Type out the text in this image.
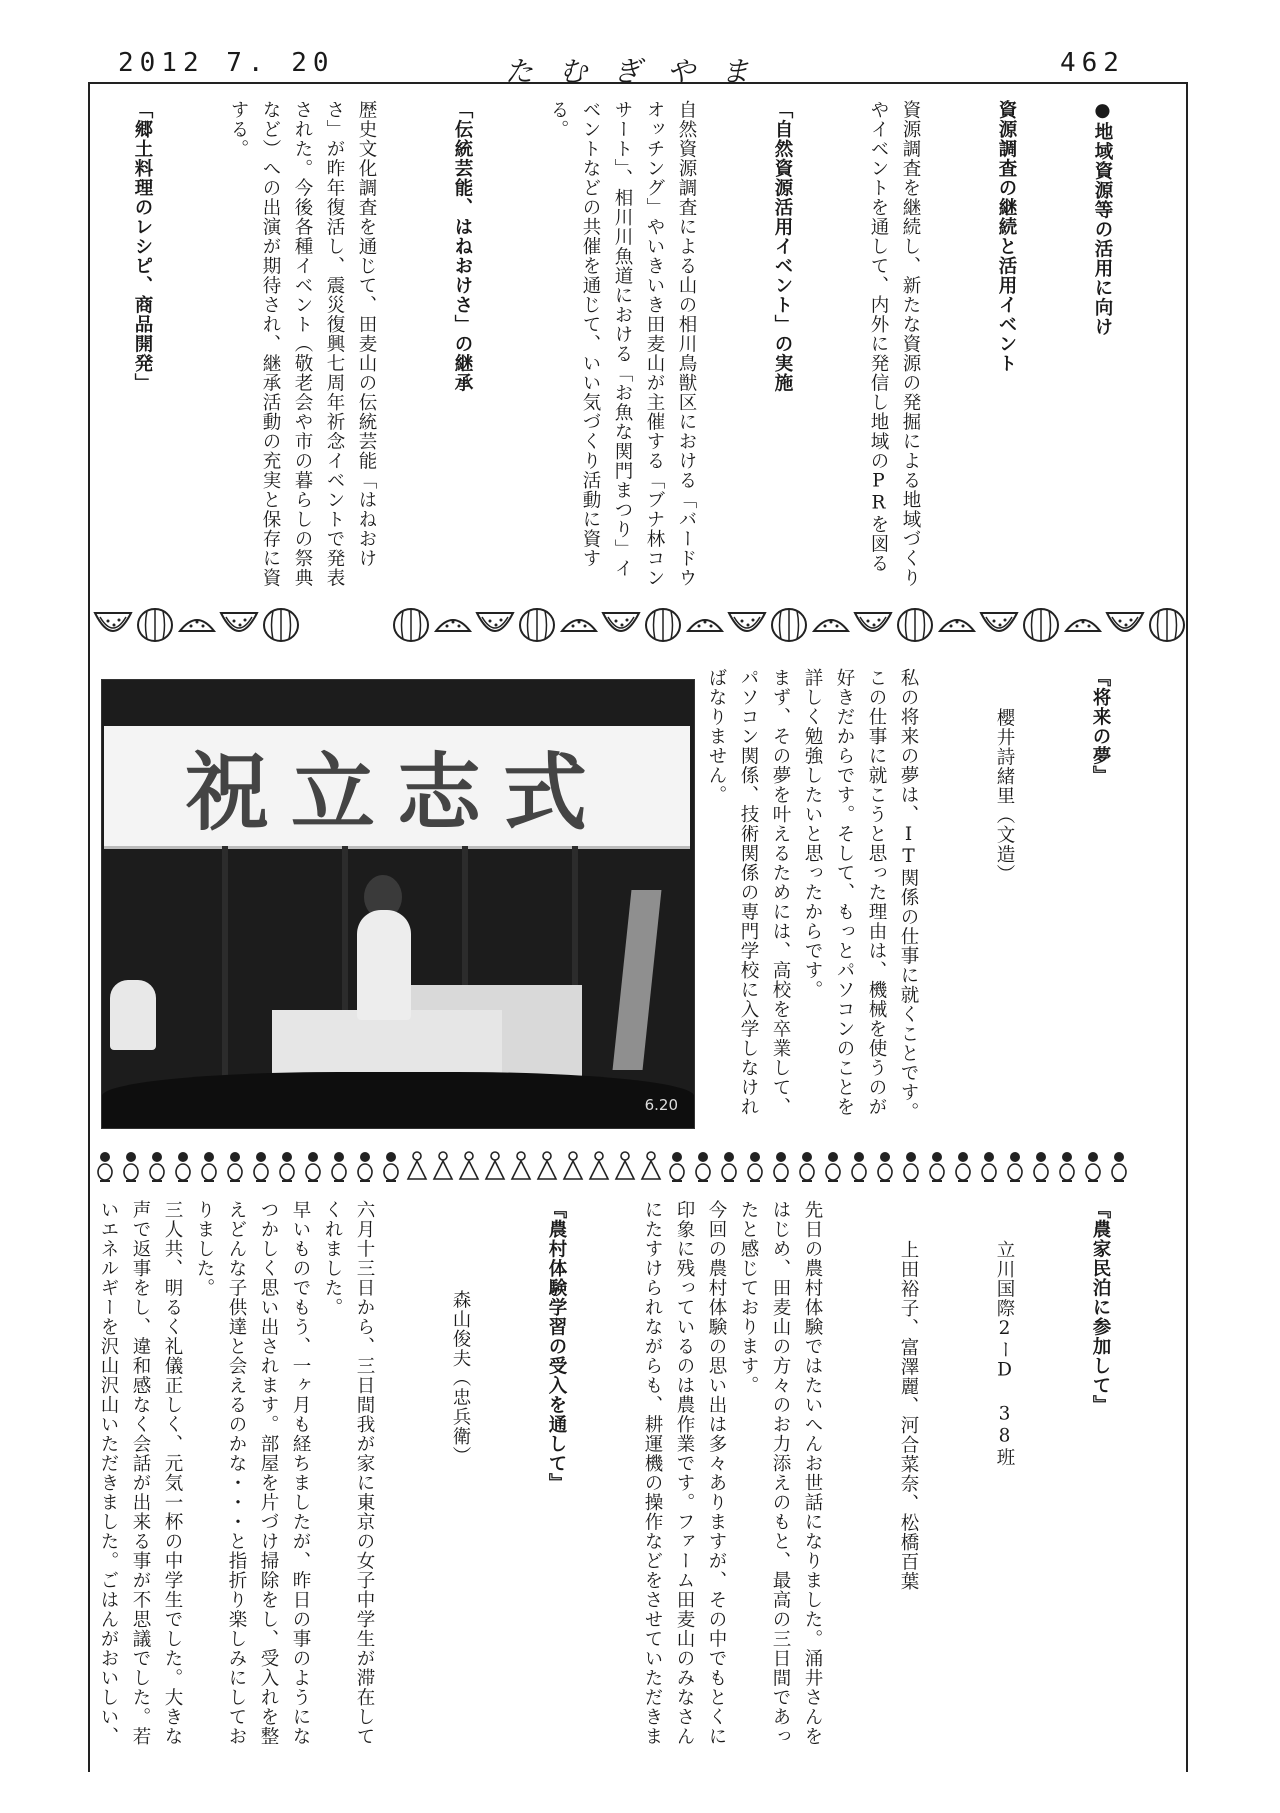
2012 7. 20	たむぎやま	462

●地域資源等の活用に向け

資源調査の継続と活用イベント

資源調査を継続し、新たな資源の発掘による地域づくりやイベントを通して、内外に発信し地域のPRを図る

「自然資源活用イベント」の実施

自然資源調査による山の相川鳥獣区における「バードウオッチング」やいきいき田麦山が主催する「ブナ林コンサート」、相川川魚道における「お魚な関門まつり」イベントなどの共催を通じて、いい気づくり活動に資する。

「伝統芸能、はねおけさ」の継承

歴史文化調査を通じて、田麦山の伝統芸能「はねおけさ」が昨年復活し、震災復興七周年祈念イベントで発表された。今後各種イベント（敬老会や市の暮らしの祭典など）への出演が期待され、継承活動の充実と保存に資する。

「郷土料理のレシピ、商品開発」

『将来の夢』

櫻井詩緒里（文造）

私の将来の夢は、IT関係の仕事に就くことです。この仕事に就こうと思った理由は、機械を使うのが好きだからです。そして、もっとパソコンのことを詳しく勉強したいと思ったからです。
まず、その夢を叶えるためには、高校を卒業して、パソコン関係、技術関係の専門学校に入学しなければなりません。

祝立志式
6.20

『農家民泊に参加して』

立川国際2ーD 38班

上田裕子、富澤麗、河合菜奈、松橋百葉

先日の農村体験ではたいへんお世話になりました。涌井さんをはじめ、田麦山の方々のお力添えのもと、最高の三日間であったと感じております。
今回の農村体験の思い出は多々ありますが、その中でもとくに印象に残っているのは農作業です。ファーム田麦山のみなさんにたすけられながらも、耕運機の操作などをさせていただきま

『農村体験学習の受入を通して』

森山俊夫（忠兵衛）

六月十三日から、三日間我が家に東京の女子中学生が滞在してくれました。
早いものでもう、一ヶ月も経ちましたが、昨日の事のようになつかしく思い出されます。部屋を片づけ掃除をし、受入れを整えどんな子供達と会えるのかな・・・と指折り楽しみにしておりました。
三人共、明るく礼儀正しく、元気一杯の中学生でした。大きな声で返事をし、違和感なく会話が出来る事が不思議でした。若いエネルギーを沢山沢山いただきました。ごはんがおいしい、
